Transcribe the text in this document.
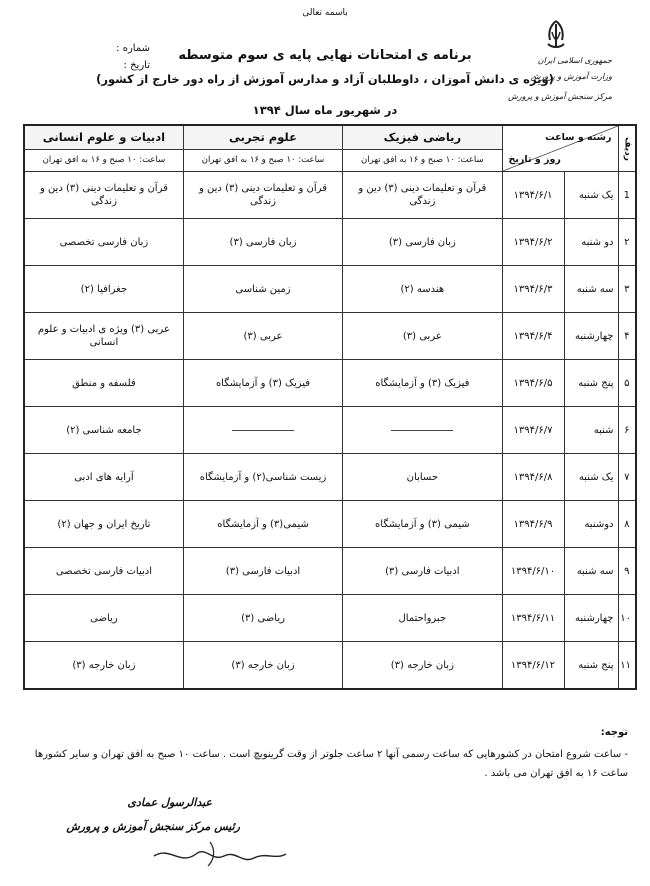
باسمه تعالی
جمهوری اسلامی ایران
وزارت آموزش و پرورش
مرکز سنجش آموزش و پرورش
شماره :
تاریخ :
برنامه ی امتحانات نهایی پایه ی سوم متوسطه
(ویژه ی دانش آموزان ، داوطلبان آزاد و مدارس آموزش از راه دور خارج از کشور)
در شهریور ماه سال ۱۳۹۴
ردیف	رشته و ساعت
روز و تاریخ		ریاضی فیزیک	علوم تجربی	ادبیات و علوم انسانی
			ساعت: ۱۰ صبح و ۱۶ به افق تهران	ساعت: ۱۰ صبح و ۱۶ به افق تهران	ساعت: ۱۰ صبح و ۱۶ به افق تهران
1	یک شنبه	۱۳۹۴/۶/۱	قرآن و تعلیمات دینی (۳) دین و زندگی	قرآن و تعلیمات دینی (۳) دین و زندگی	قرآن و تعلیمات دینی (۳) دین و زندگی
۲	دو شنبه	۱۳۹۴/۶/۲	زبان فارسی (۳)	زبان فارسی (۳)	زبان فارسی تخصصی
۳	سه شنبه	۱۳۹۴/۶/۳	هندسه (۲)	زمین شناسی	جغرافیا (۲)
۴	چهارشنبه	۱۳۹۴/۶/۴	عربی (۳)	عربی (۳)	عربی (۳) ویژه ی ادبیات و علوم انسانی
۵	پنج شنبه	۱۳۹۴/۶/۵	فیزیک (۳) و آزمایشگاه	فیزیک (۳) و آزمایشگاه	فلسفه و منطق
۶	شنبه	۱۳۹۴/۶/۷			جامعه شناسی (۲)
۷	یک شنبه	۱۳۹۴/۶/۸	حسابان	زیست شناسی(۲) و آزمایشگاه	آرایه های ادبی
۸	دوشنبه	۱۳۹۴/۶/۹	شیمی (۳) و آزمایشگاه	شیمی(۳) و آزمایشگاه	تاریخ ایران و جهان (۲)
۹	سه شنبه	۱۳۹۴/۶/۱۰	ادبیات فارسی (۳)	ادبیات فارسی (۳)	ادبیات فارسی تخصصی
۱۰	چهارشنبه	۱۳۹۴/۶/۱۱	جبرواحتمال	ریاضی (۳)	ریاضی
۱۱	پنج شنبه	۱۳۹۴/۶/۱۲	زبان خارجه (۳)	زبان خارجه (۳)	زبان خارجه (۳)
توجه:
- ساعت شروع امتحان در کشورهایی که ساعت رسمی آنها ۲ ساعت جلوتر از وقت گرینویچ است . ساعت ۱۰ صبح به افق تهران و سایر کشورها ساعت ۱۶ به افق تهران می باشد .
عبدالرسول عمادی
رئیس مرکز سنجش آموزش و پرورش
